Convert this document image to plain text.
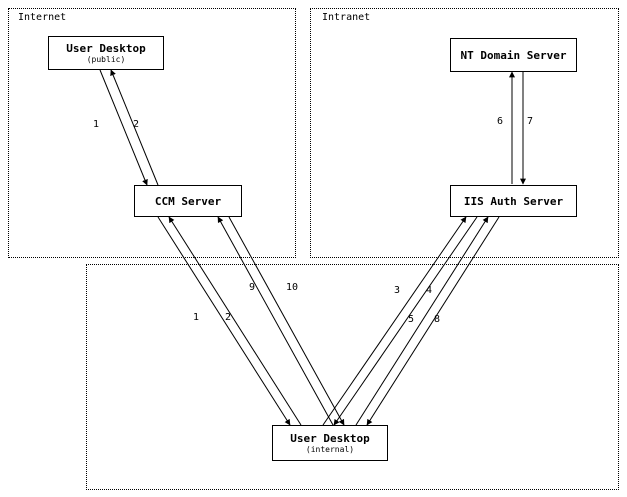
Internet	Intranet
User Desktop
(public)
CCM Server
NT Domain Server
IIS Auth Server
User Desktop
(internal)
1	2	6 7
9	10
1	2
3	4
5 8
